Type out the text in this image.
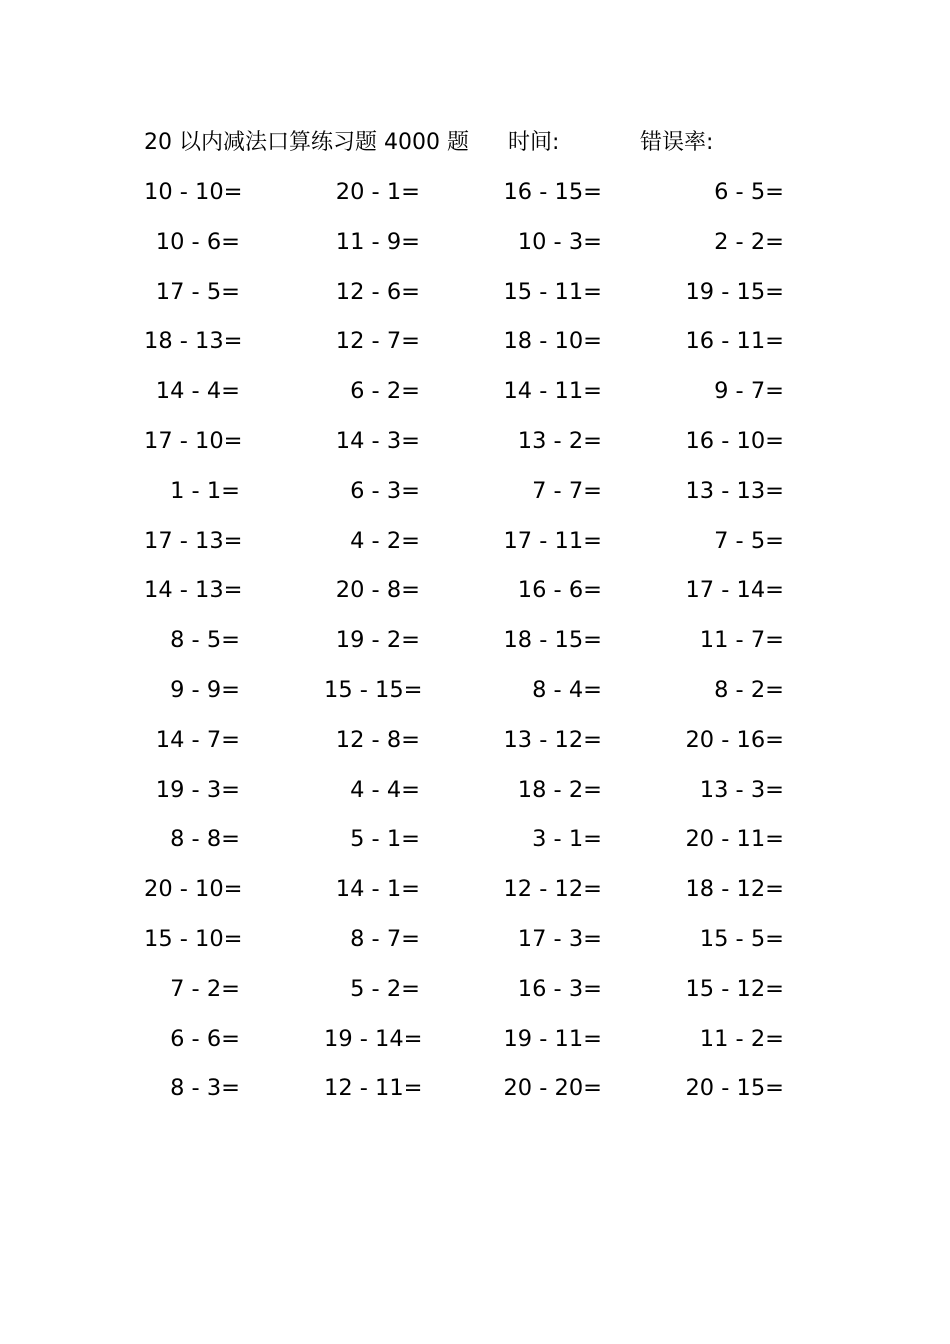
20 以内减法口算练习题 4000 题 时间:	错误率:
10 - 10=	20 - 1=	16 - 15=	6 - 5=
10 - 6=	11 - 9=	10 - 3=	2 - 2=
17 - 5=	12 - 6=	15 - 11=	19 - 15=
18 - 13=	12 - 7=	18 - 10=	16 - 11=
14 - 4=	6 - 2=	14 - 11=	9 - 7=
17 - 10=	14 - 3=	13 - 2=	16 - 10=
1 - 1=	6 - 3=	7 - 7=	13 - 13=
17 - 13=	4 - 2=	17 - 11=	7 - 5=
14 - 13=	20 - 8=	16 - 6=	17 - 14=
8 - 5=	19 - 2=	18 - 15=	11 - 7=
9 - 9=	15 - 15=	8 - 4=	8 - 2=
14 - 7=	12 - 8=	13 - 12=	20 - 16=
19 - 3=	4 - 4=	18 - 2=	13 - 3=
8 - 8=	5 - 1=	3 - 1=	20 - 11=
20 - 10=	14 - 1=	12 - 12=	18 - 12=
15 - 10=	8 - 7=	17 - 3=	15 - 5=
7 - 2=	5 - 2=	16 - 3=	15 - 12=
6 - 6=	19 - 14=	19 - 11=	11 - 2=
8 - 3=	12 - 11=	20 - 20=	20 - 15=
